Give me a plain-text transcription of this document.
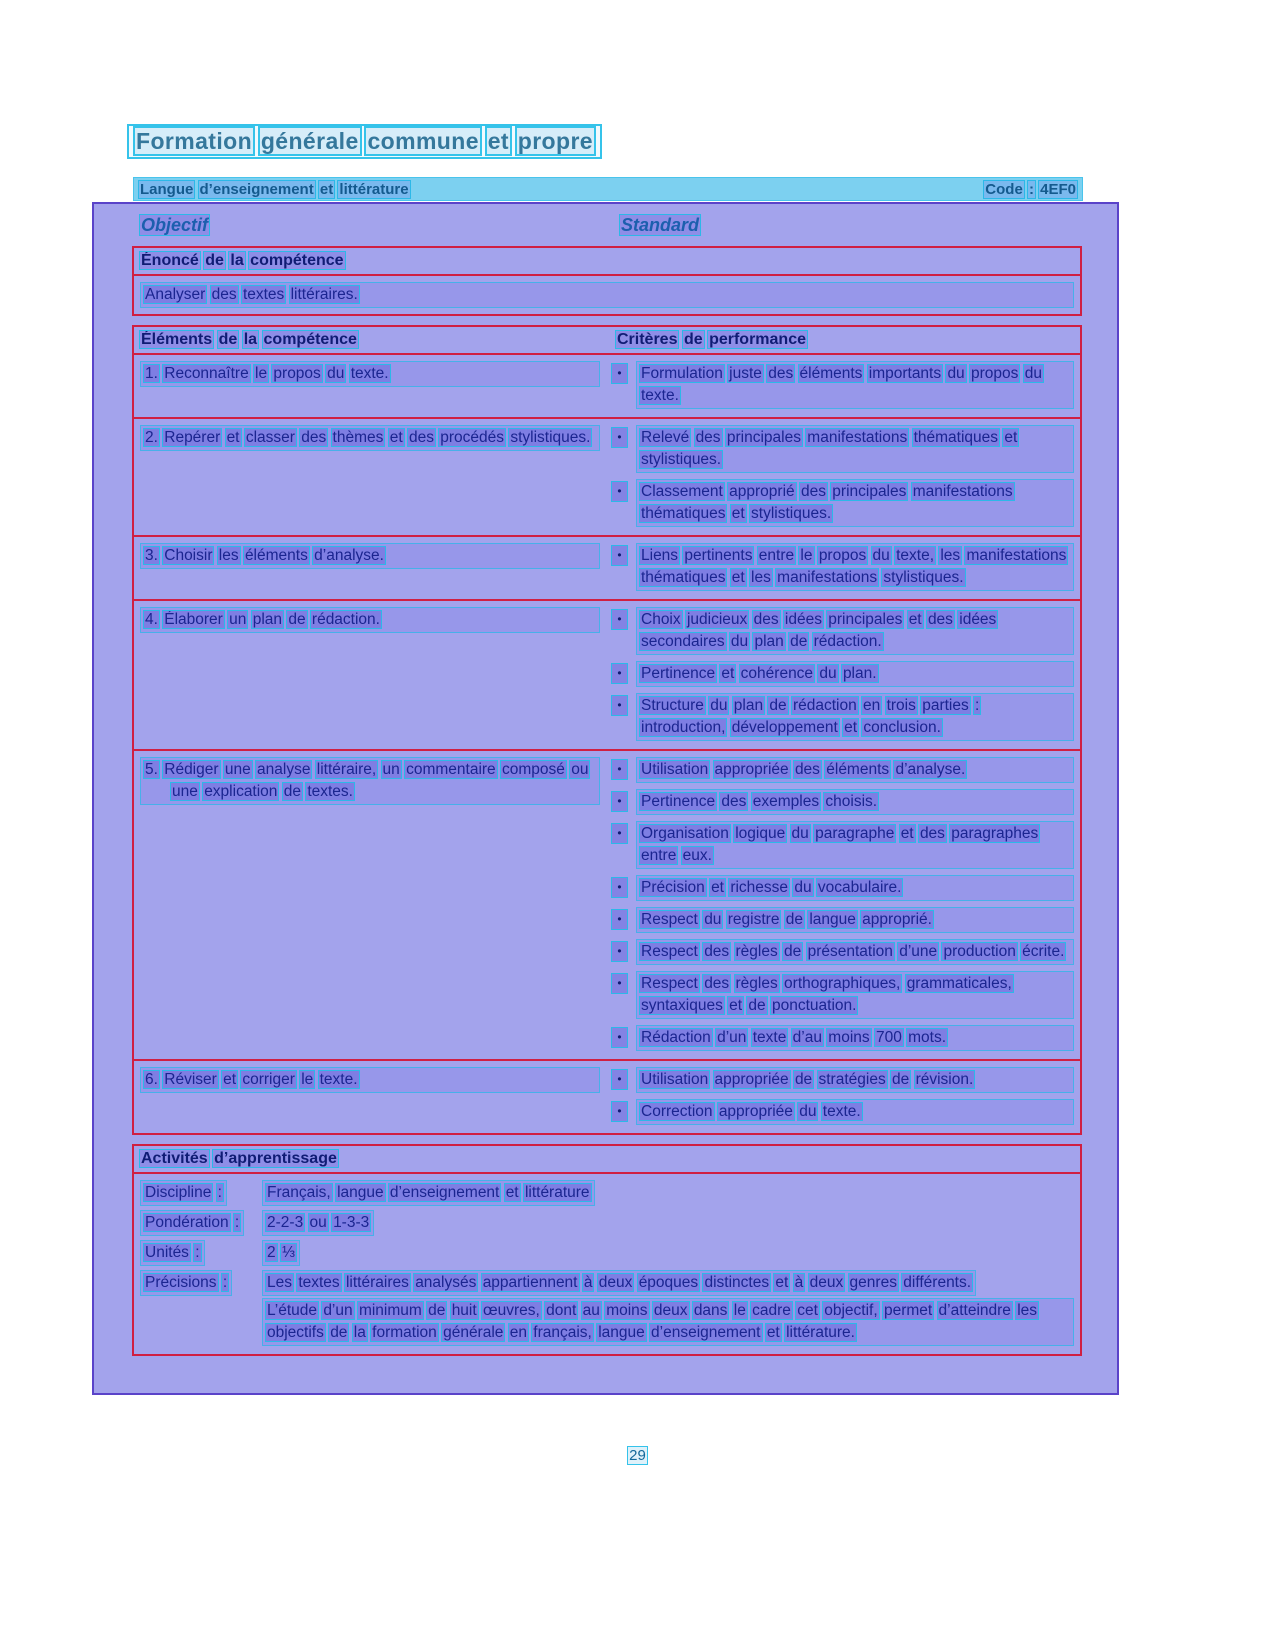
Formation générale commune et propre
Langue d’enseignement et littérature	Code : 4EF0
Objectif	Standard
Énoncé de la compétence
Analyser des textes littéraires.
Éléments de la compétence	Critères de performance
1. Reconnaître le propos du texte.	•	Formulation juste des éléments importants du propos du texte.
2. Repérer et classer des thèmes et des procédés stylistiques.	•	Relevé des principales manifestations thématiques et stylistiques.
•	Classement approprié des principales manifestations thématiques et stylistiques.
3. Choisir les éléments d’analyse.	•	Liens pertinents entre le propos du texte, les manifestations thématiques et les manifestations stylistiques.
4. Élaborer un plan de rédaction.	•	Choix judicieux des idées principales et des idées secondaires du plan de rédaction.
•	Pertinence et cohérence du plan.
•	Structure du plan de rédaction en trois parties : introduction, développement et conclusion.
5. Rédiger une analyse littéraire, un commentaire composé ou une explication de textes.
•	Utilisation appropriée des éléments d’analyse.
•	Pertinence des exemples choisis.
•	Organisation logique du paragraphe et des paragraphes entre eux.
•	Précision et richesse du vocabulaire.
•	Respect du registre de langue approprié.
•	Respect des règles de présentation d’une production écrite.
•	Respect des règles orthographiques, grammaticales, syntaxiques et de ponctuation.
•	Rédaction d’un texte d’au moins 700 mots.
6. Réviser et corriger le texte.	•	Utilisation appropriée de stratégies de révision.
•	Correction appropriée du texte.
Activités d’apprentissage
Discipline :	Français, langue d’enseignement et littérature
Pondération :	2-2-3 ou 1-3-3
Unités :	2 ⅓
Précisions :	Les textes littéraires analysés appartiennent à deux époques distinctes et à deux genres différents.
L’étude d’un minimum de huit œuvres, dont au moins deux dans le cadre cet objectif, permet d’atteindre les objectifs de la formation générale en français, langue d’enseignement et littérature.
29
